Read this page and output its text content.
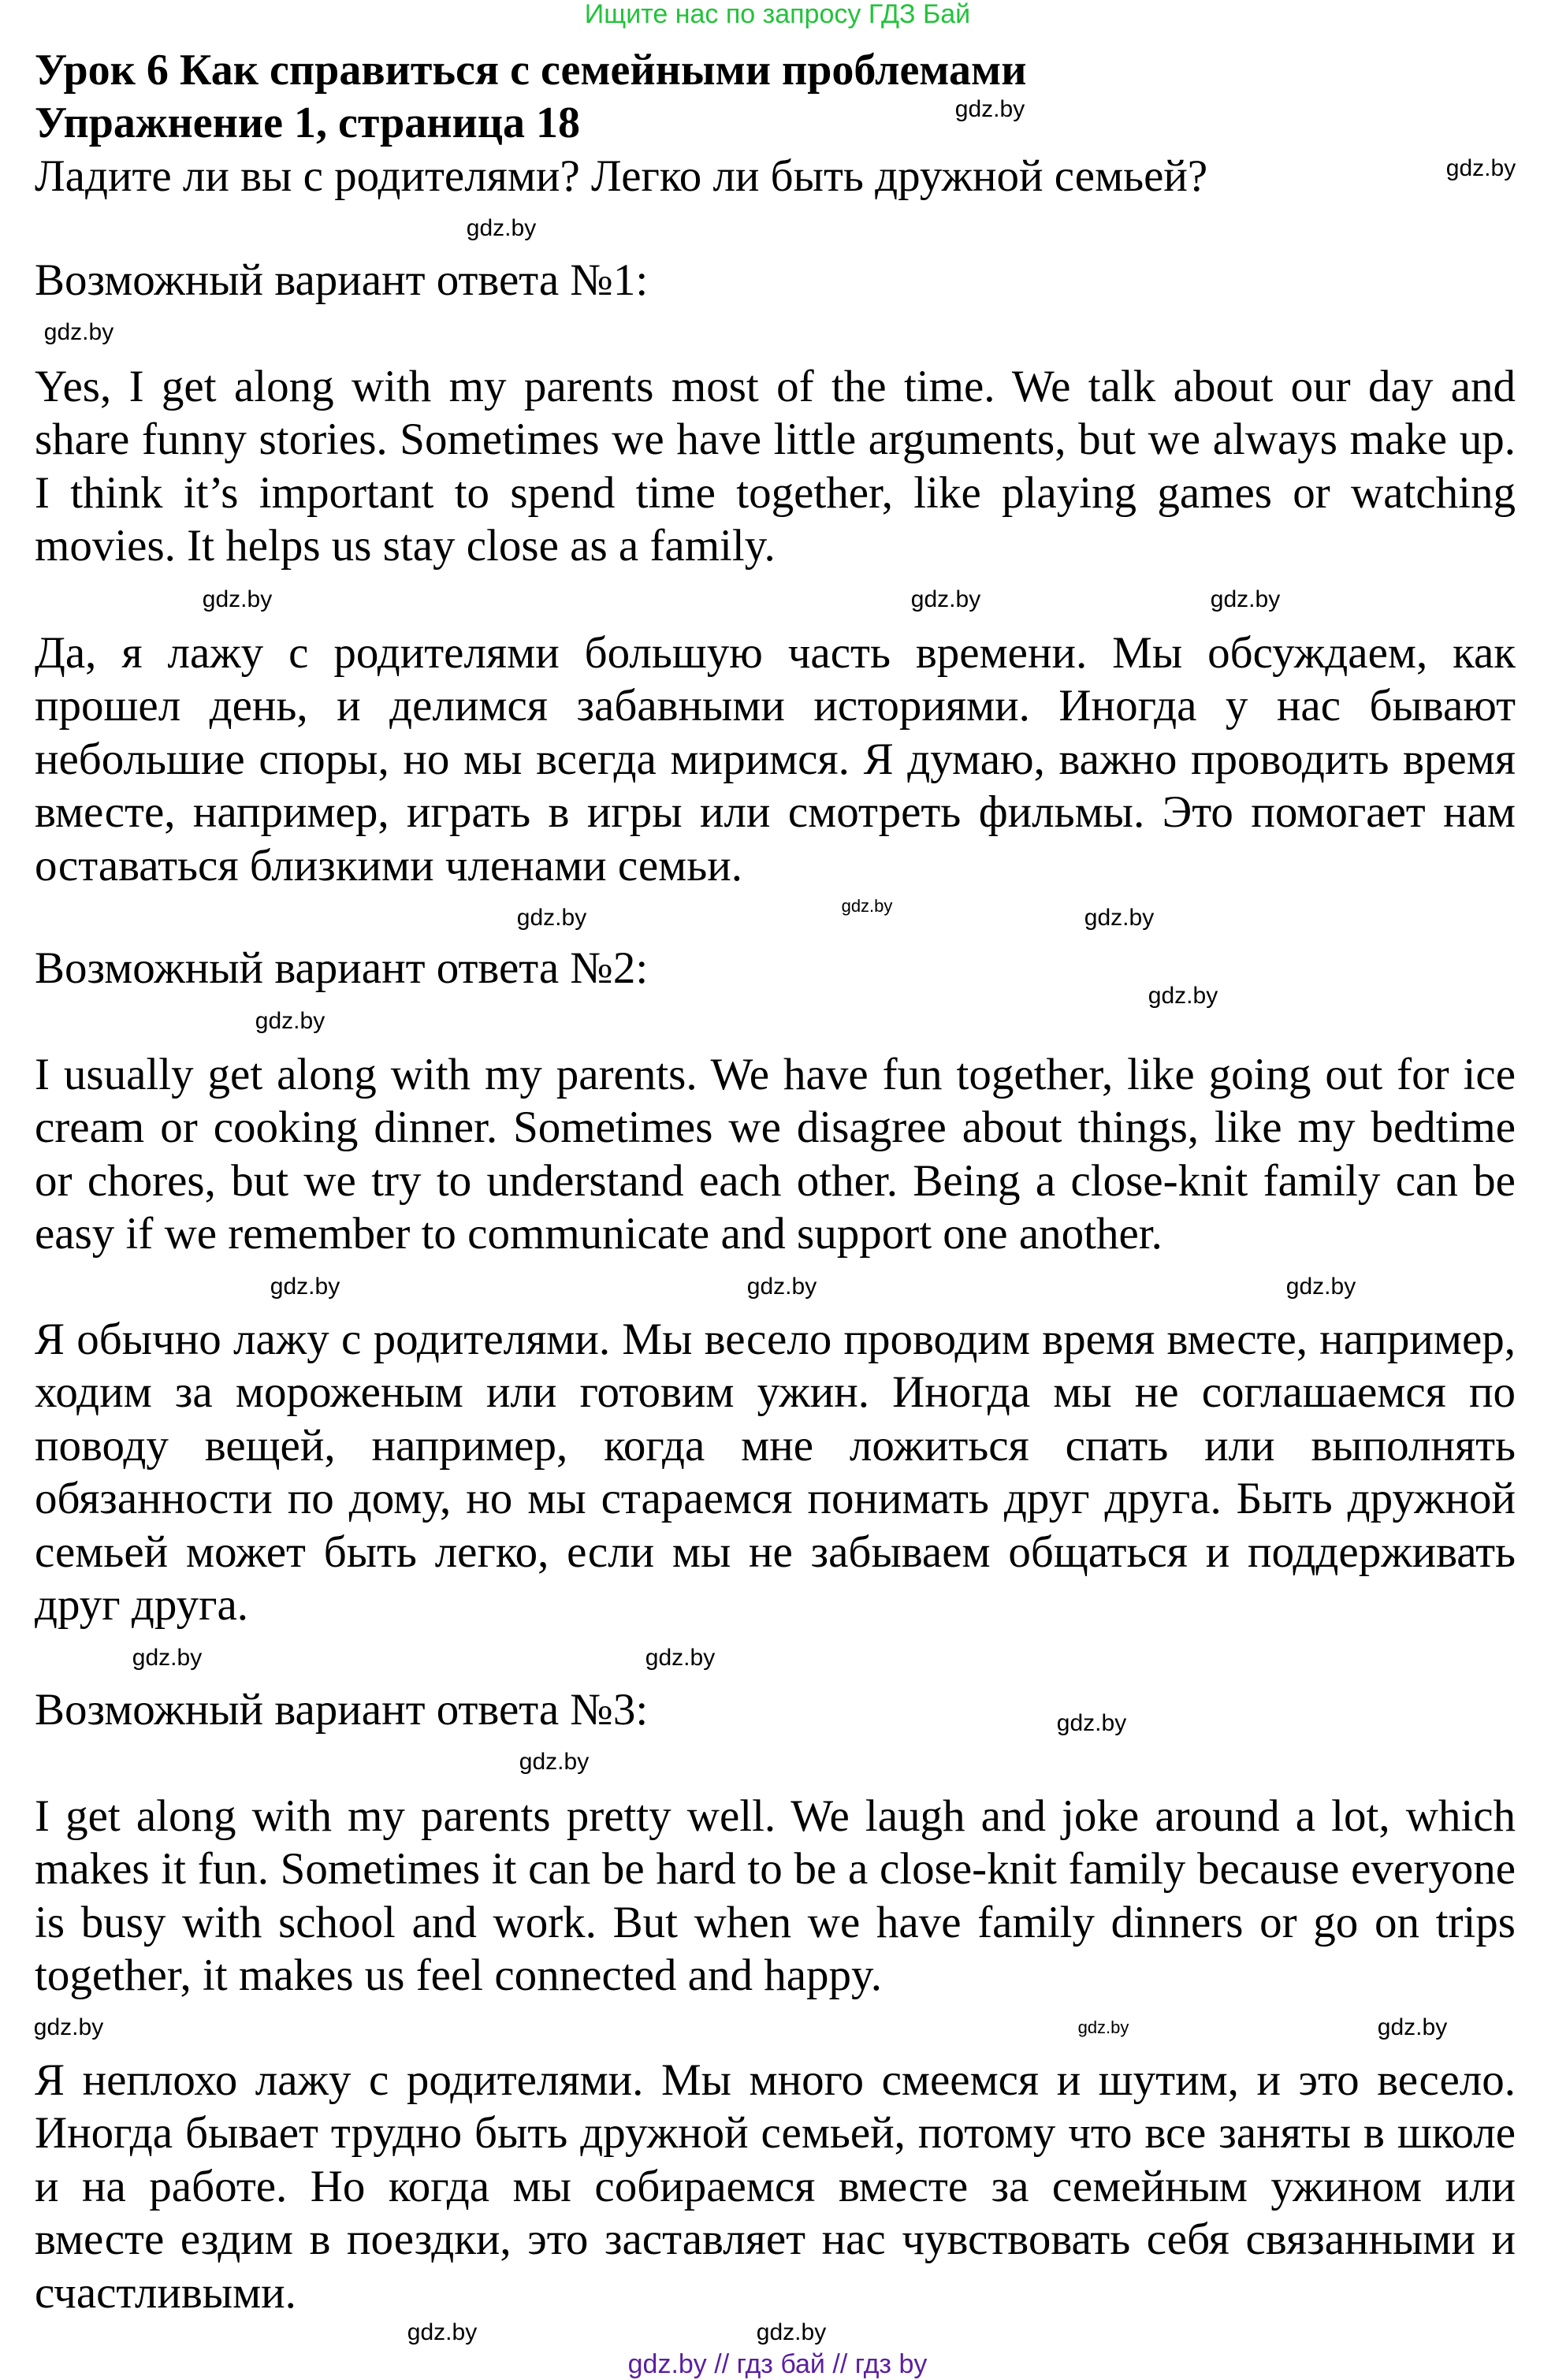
Ищите нас по запросу ГДЗ Бай
Урок 6 Как справиться с семейными проблемами
Упражнение 1, страница 18
Ладите ли вы с родителями? Легко ли быть дружной семьей?
Возможный вариант ответа №1:
Yes, I get along with my parents most of the time. We talk about our day and
share funny stories. Sometimes we have little arguments, but we always make up.
I think it’s important to spend time together, like playing games or watching
movies. It helps us stay close as a family.
Да, я лажу с родителями большую часть времени. Мы обсуждаем, как
прошел день, и делимся забавными историями. Иногда у нас бывают
небольшие споры, но мы всегда миримся. Я думаю, важно проводить время
вместе, например, играть в игры или смотреть фильмы. Это помогает нам
оставаться близкими членами семьи.
Возможный вариант ответа №2:
I usually get along with my parents. We have fun together, like going out for ice
cream or cooking dinner. Sometimes we disagree about things, like my bedtime
or chores, but we try to understand each other. Being a close-knit family can be
easy if we remember to communicate and support one another.
Я обычно лажу с родителями. Мы весело проводим время вместе, например,
ходим за мороженым или готовим ужин. Иногда мы не соглашаемся по
поводу вещей, например, когда мне ложиться спать или выполнять
обязанности по дому, но мы стараемся понимать друг друга. Быть дружной
семьей может быть легко, если мы не забываем общаться и поддерживать
друг друга.
Возможный вариант ответа №3:
I get along with my parents pretty well. We laugh and joke around a lot, which
makes it fun. Sometimes it can be hard to be a close-knit family because everyone
is busy with school and work. But when we have family dinners or go on trips
together, it makes us feel connected and happy.
Я неплохо лажу с родителями. Мы много смеемся и шутим, и это весело.
Иногда бывает трудно быть дружной семьей, потому что все заняты в школе
и на работе. Но когда мы собираемся вместе за семейным ужином или
вместе ездим в поездки, это заставляет нас чувствовать себя связанными и
счастливыми.
gdz.by
gdz.by
gdz.by
gdz.by
gdz.by
gdz.by
gdz.by
gdz.by	gdz.by
gdz.by
gdz.by
gdz.by
gdz.by
gdz.by	gdz.by
gdz.by
gdz.by
gdz.by
gdz.by
gdz.by
gdz.by	gdz.by
gdz.by	gdz.by
gdz.by // гдз бай // гдз by
